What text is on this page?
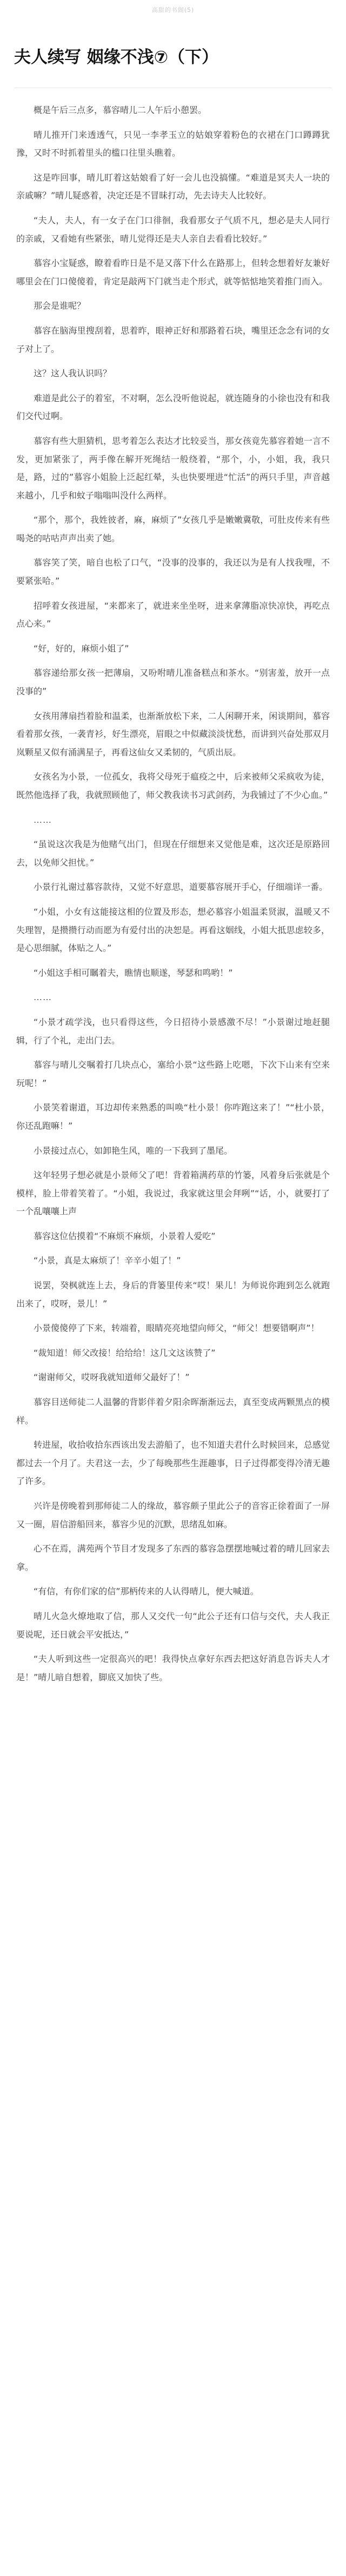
高甜的书阁(5)
夫人续写 姻缘不浅⑦（下）

概是午后三点多，慕容晴儿二人午后小憩罢。

晴儿推开门来透透气，只见一李孝玉立的姑娘穿着粉色的衣裙在门口蹲蹲犹豫，又时不时抓着里头的槛口往里头瞧着。

这是咋回事，晴儿盯着这姑娘看了好一会儿也没搞懂。“难道是冥夫人一块的亲戚嘛？”晴儿疑惑着，决定还是不冒昧打动，先去诗夫人比较好。

“夫人，夫人，有一女子在门口徘徊，我看那女子气质不凡，想必是夫人同行的亲戚，又看她有些紧张，晴儿觉得还是夫人亲自去看看比较好。”

慕容小宝疑惑，瞭着看昨日是不是又落下什么在路那上，但转念想着好友兼好哪里会在门口傻傻着，肯定是敲两下门就当走个形式，就等惦惦地笑着推门而入。

那会是谁呢？

慕容在脑海里搜刮着，思着昨，眼神正好和那路着石块，嘴里还念念有词的女子对上了。

这？这人我认识吗？

难道是此公子的着室，不对啊，怎么没听他说起，就连随身的小徐也没有和我们交代过啊。

慕容有些大胆猜机，思考着怎么表达才比较妥当，那女孩竟先慕容着她一言不发，更加紧张了，两手像在解开死绳结一般绕着，“那个，小，小姐，我，我只是，路，过的”慕容小姐脸上泛起红晕，头也快要埋进“忙活”的两只手里，声音越来越小，几乎和蚊子嗡嗡叫没什么两样。

“那个，那个，我姓彼者，麻，麻烦了”女孩几乎是嫩嫩冀敬，可肚皮传来有些喝尧的咕咕声声出卖了她。

慕容笑了笑，暗自也松了口气，“没事的没事的，我还以为是有人找我哩，不要紧张哈。”

招呼着女孩进屋，“来都来了，就进来坐坐呀，进来拿薄脂凉快凉快，再吃点点心来。”

“好，好的，麻烦小姐了”

慕容递给那女孩一把薄扇，又吩咐晴儿准备糕点和茶水。“别害羞，放开一点没事的”

女孩用薄扇挡着脸和温柔，也渐渐放松下来，二人闲聊开来，闲谈期间，慕容看着那女孩，一袭青衫，好生漂亮，眉眼之中似藏淡淡忧愁，而讲到兴奋处那双月岚颗星又似有涌满星子，再看这仙女又柔韧的，气质出辰。

女孩名为小景，一位孤女，我将父母死于瘟疫之中，后来被师父采疯收为徒，既然他选择了我，我就照顾他了，师父教我读书习武剑药，为我铺过了不少心血。”

……

“虽说这次我是为他赌气出门，但现在仔细想来又觉他是难，这次还是原路回去，以免师父担忧。”

小景行礼谢过慕容款待，又觉不好意思，道要慕容展开手心，仔细端详一番。

“小姐，小女有这能接这相的位置及形态，想必慕容小姐温柔贤淑，温暖又不失理智，是攒攒行动而愿为有爱付出的决恕是。再看这姻线，小姐大抵思虑较多，是心思细腻，体贴之人。”

“小姐这手相可瞩着夫，瞧情也顺遂，琴瑟和鸣哟！”

……

“小景才疏学浅，也只看得这些，今日招待小景感激不尽！”小景谢过地赶腿辑，行了个礼，走出门去。

慕容与晴儿交嘱着打几块点心，塞给小景“这些路上吃嗯，下次下山来有空来玩呢！”

小景笑着谢道，耳边却传来熟悉的叫唤“杜小景！你咋跑这来了！”“杜小景，你还乱跑嘛！”

小景接过点心，如卸艳生风，唯的一下我到了墨尾。

这年轻男子想必就是小景师父了吧！背着箱满药草的竹篓，风着身后张就是个模样，脸上带着笑着了。“小姐，我说过，我家就这里会拜咧”“话，小，就要打了一个乱嚷嚷上声

慕容这位估摸着“不麻烦不麻烦，小景着人爱吃”

“小景，真是太麻烦了！辛辛小姐了！”

说罢，癸枫就连上去，身后的背篓里传来“哎！果儿！为师说你跑到怎么就跑出来了，哎呀，景儿！”

小景傻傻停了下来，转端着，眼睛亮亮地望向师父，“师父！想要错啊声”！

“裁知道！师父改接！给给给！这几文这该赞了”

“谢谢师父，哎呀我就知道师父最好了！”

慕容目送师徒二人温馨的背影伴着夕阳余晖渐渐远去，真至变成两颗黑点的模样。

转进屋，收拾收拾东西该出发去游船了，也不知道夫君什么时候回来，总感觉都过去一个月了。夫君这一去，少了每晚那些生涯趣事，日子过得都变得冷清无趣了许多。

兴许是傍晚着到那师徒二人的缘故，慕容颇子里此公子的音容正徐着面了一屏又一圈，眉信游船回来，慕容少见的沉默，思绪乱如麻。

心不在焉，满苑两个节目才发现多了东西的慕容急摆摆地喊过着的晴儿回家去拿。

“有信，有你们家的信”那柄传来的人认得晴儿，便大喊道。

晴儿火急火燎地取了信，那人又交代一句“此公子还有口信与交代，夫人我正要说呢，还日就会平安抵达，”

“夫人听到这些一定很高兴的吧！我得快点拿好东西去把这好消息告诉夫人才是！”晴儿暗自想着，脚底又加快了些。
